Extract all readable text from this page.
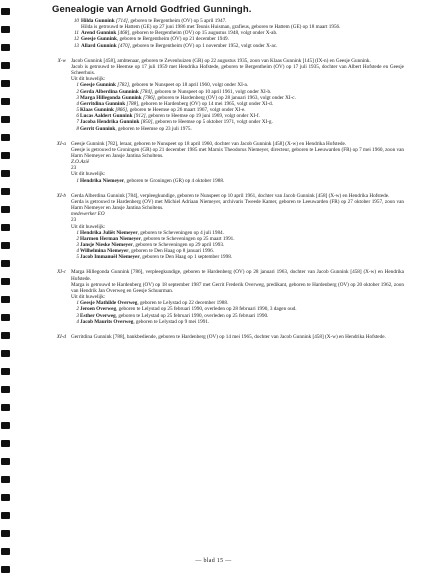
Genealogie van Arnold Godfried Gunningh.
10 Hilda Gunnink [714], geboren te Bergentheim (OV) op 5 april 1947.
Hilda is getrouwd te Hattem (GE) op 27 juni 1986 met Teunis Huisman, grafieus, geboren te Hattem (GE) op 18 maart 1956.
11 Arend Gunnink [468], geboren te Bergentheim (OV) op 15 augustus 1948, volgt onder X-ab.
12 Geesje Gunnink, geboren te Bergentheim (OV) op 21 december 1949.
13 Allard Gunnink [470], geboren te Bergentheim (OV) op 1 november 1952, volgt onder X-ac.
X-w Jacob Gunnink [458], ambtenaar, geboren te Zevenhuizen (GR) op 22 augustus 1935, zoon van Klaas Gunnink [145] (IX-n) en Geesje Gunnink.
Jacob is getrouwd te Heemse op 17 juli 1959 met Hendrika Hofstede, geboren te Bergentheim (OV) op 17 juli 1935, dochter van Albert Hofstede en Geesje Scheerhuis.
Uit dit huwelijk:
1 Geesje Gunnink [782], geboren te Nunspeet op 18 april 1960, volgt onder XI-a.
2 Gerda Alberdina Gunnink [784], geboren te Nunspeet op 10 april 1961, volgt onder XI-b.
3 Marga Hillegonda Gunnink [786], geboren te Hardenberg (OV) op 28 januari 1963, volgt onder XI-c.
4 Gerritdina Gunnink [788], geboren te Hardenberg (OV) op 14 mei 1965, volgt onder XI-d.
5 Klaas Gunnink [866], geboren te Heemse op 26 maart 1967, volgt onder XI-e.
6 Lucas Aaldert Gunnink [912], geboren te Heemse op 19 juni 1969, volgt onder XI-f.
7 Jacoba Hendrika Gunnink [850], geboren te Heemse op 5 oktober 1971, volgt onder XI-g.
8 Gerrit Gunnink, geboren te Heemse op 23 juli 1975.
XI-a Geesje Gunnink [782], leraar, geboren te Nunspeet op 18 april 1960, dochter van Jacob Gunnink [458] (X-w) en Hendrika Hofstede.
Geesje is getrouwd te Groningen (GR) op 21 december 1985 met Marnix Theodorus Niemeyer, directeur, geboren te Leeuwarden (FR) op 7 mei 1960, zoon van Harm Niemeyer en Jansje Jantina Scholtens.
Z.O.Azië
23
Uit dit huwelijk:
1 Hendrika Niemeyer, geboren te Groningen (GR) op 4 oktober 1988.
XI-b Gerda Alberdina Gunnink [784], verpleegkundige, geboren te Nunspeet op 10 april 1961, dochter van Jacob Gunnink [458] (X-w) en Hendrika Hofstede.
Gerda is getrouwd te Hardenberg (OV) met Michiel Adriaan Niemeyer, archivaris Tweede Kamer, geboren te Leeuwarden (FR) op 27 oktober 1957, zoon van Harm Niemeyer en Jansje Jantina Scholtens.
medewerker EO
23
Uit dit huwelijk:
1 Hendrika Juliët Niemeyer, geboren te Scheveningen op 4 juli 1984.
2 Harmen Herman Niemeyer, geboren te Scheveningen op 25 maart 1991.
3 Jansje Nieske Niemeyer, geboren te Scheveningen op 29 april 1993.
4 Wilhelmina Niemeyer, geboren te Den Haag op 8 januari 1996.
5 Jacob Immanuël Niemeyer, geboren te Den Haag op 1 september 1998.
XI-c Marga Hillegonda Gunnink [786], verpleegkundige, geboren te Hardenberg (OV) op 28 januari 1963, dochter van Jacob Gunnink [458] (X-w) en Hendrika Hofstede.
Marga is getrouwd te Hardenberg (OV) op 18 september 1987 met Gerrit Frederik Overweg, predikant, geboren te Hardenberg (OV) op 20 oktober 1962, zoon van Hendrik Jan Overweg en Geesje Schuurman.
Uit dit huwelijk:
1 Geesje Mathilde Overweg, geboren te Lelystad op 22 december 1988.
2 Jeroen Overweg, geboren te Lelystad op 25 februari 1990, overleden op 28 februari 1990, 3 dagen oud.
3 Esther Overweg, geboren te Lelystad op 25 februari 1990, overleden op 25 februari 1990.
4 Jacob Maurits Overweg, geboren te Lelystad op 9 mei 1991.
XI-d Gerritdina Gunnink [788], bankbediende, geboren te Hardenberg (OV) op 14 mei 1965, dochter van Jacob Gunnink [458] (X-w) en Hendrika Hofstede.
— blad 15 —
